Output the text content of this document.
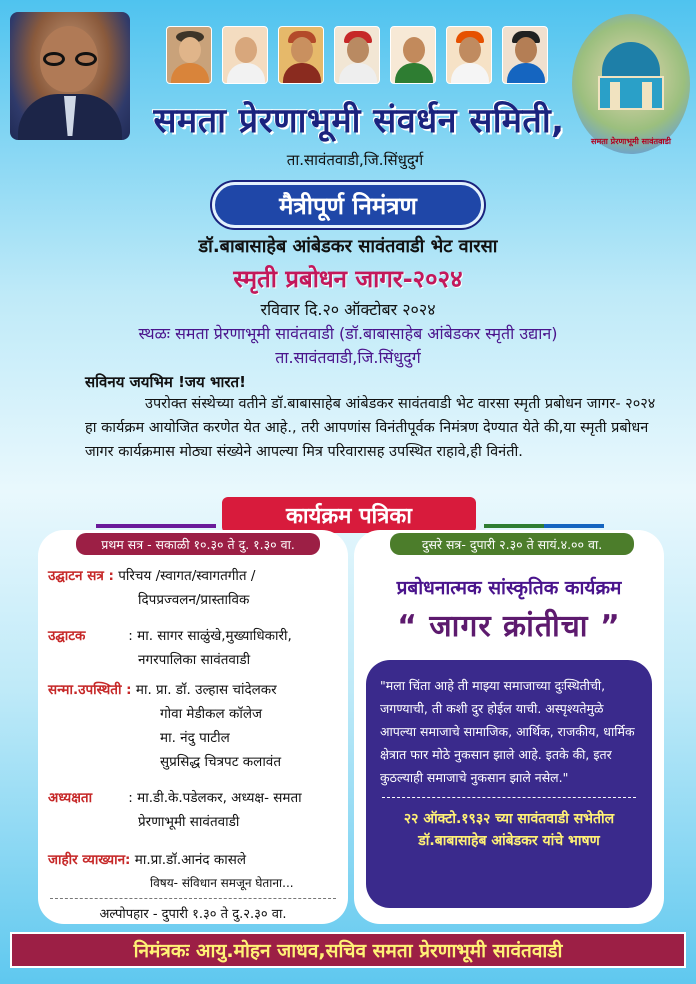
समता प्रेरणाभूमी सावंतवाडी
समता प्रेरणाभूमी संवर्धन समिती,
ता.सावंतवाडी,जि.सिंधुदुर्ग
मैत्रीपूर्ण निमंत्रण
डॉ.बाबासाहेब आंबेडकर सावंतवाडी भेट वारसा
स्मृती प्रबोधन जागर-२०२४
रविवार दि.२० ऑक्टोबर २०२४
स्थळः समता प्रेरणाभूमी सावंतवाडी (डॉ.बाबासाहेब आंबेडकर स्मृती उद्यान)
ता.सावंतवाडी,जि.सिंधुदुर्ग
सविनय जयभिम !जय भारत!
उपरोक्त संस्थेच्या वतीने डॉ.बाबासाहेब आंबेडकर सावंतवाडी भेट वारसा स्मृती प्रबोधन जागर- २०२४ हा कार्यक्रम आयोजित करणेत येत आहे., तरी आपणांस विनंतीपूर्वक निमंत्रण देण्यात येते की,या स्मृती प्रबोधन जागर कार्यक्रमास मोठ्या संख्येने आपल्या मित्र परिवारासह उपस्थित राहावे,ही विनंती.
कार्यक्रम पत्रिका
प्रथम सत्र - सकाळी १०.३० ते दु. १.३० वा.
उद्घाटन सत्र : परिचय /स्वागत/स्वागतगीत /
दिपप्रज्वलन/प्रास्ताविक
उद्घाटक	: मा. सागर साळुंखे,मुख्याधिकारी,
नगरपालिका सावंतवाडी
सन्मा.उपस्थिती : मा. प्रा. डॉ. उल्हास चांदेलकर
गोवा मेडीकल कॉलेज
मा. नंदु पाटील
सुप्रसिद्ध चित्रपट कलावंत
अध्यक्षता	: मा.डी.के.पडेलकर, अध्यक्ष- समता
प्रेरणाभूमी सावंतवाडी
जाहीर व्याख्यान: मा.प्रा.डॉ.आनंद कासले
विषय- संविधान समजून घेताना...
अल्पोपहार - दुपारी १.३० ते दु.२.३० वा.
दुसरे सत्र- दुपारी २.३० ते सायं.४.०० वा.
प्रबोधनात्मक सांस्कृतिक कार्यक्रम
“ जागर क्रांतीचा ”
"मला चिंता आहे ती माझ्या समाजाच्या दुःस्थितीची, जगण्याची, ती कशी दुर होईल याची. अस्पृश्यतेमुळे आपल्या समाजाचे सामाजिक, आर्थिक, राजकीय, धार्मिक क्षेत्रात फार मोठे नुकसान झाले आहे. इतके की, इतर कुठल्याही समाजाचे नुकसान झाले नसेल."
२२ ऑक्टो.१९३२ च्या सावंतवाडी सभेतील
डॉ.बाबासाहेब आंबेडकर यांचे भाषण
निमंत्रकः आयु.मोहन जाधव,सचिव समता प्रेरणाभूमी सावंतवाडी
